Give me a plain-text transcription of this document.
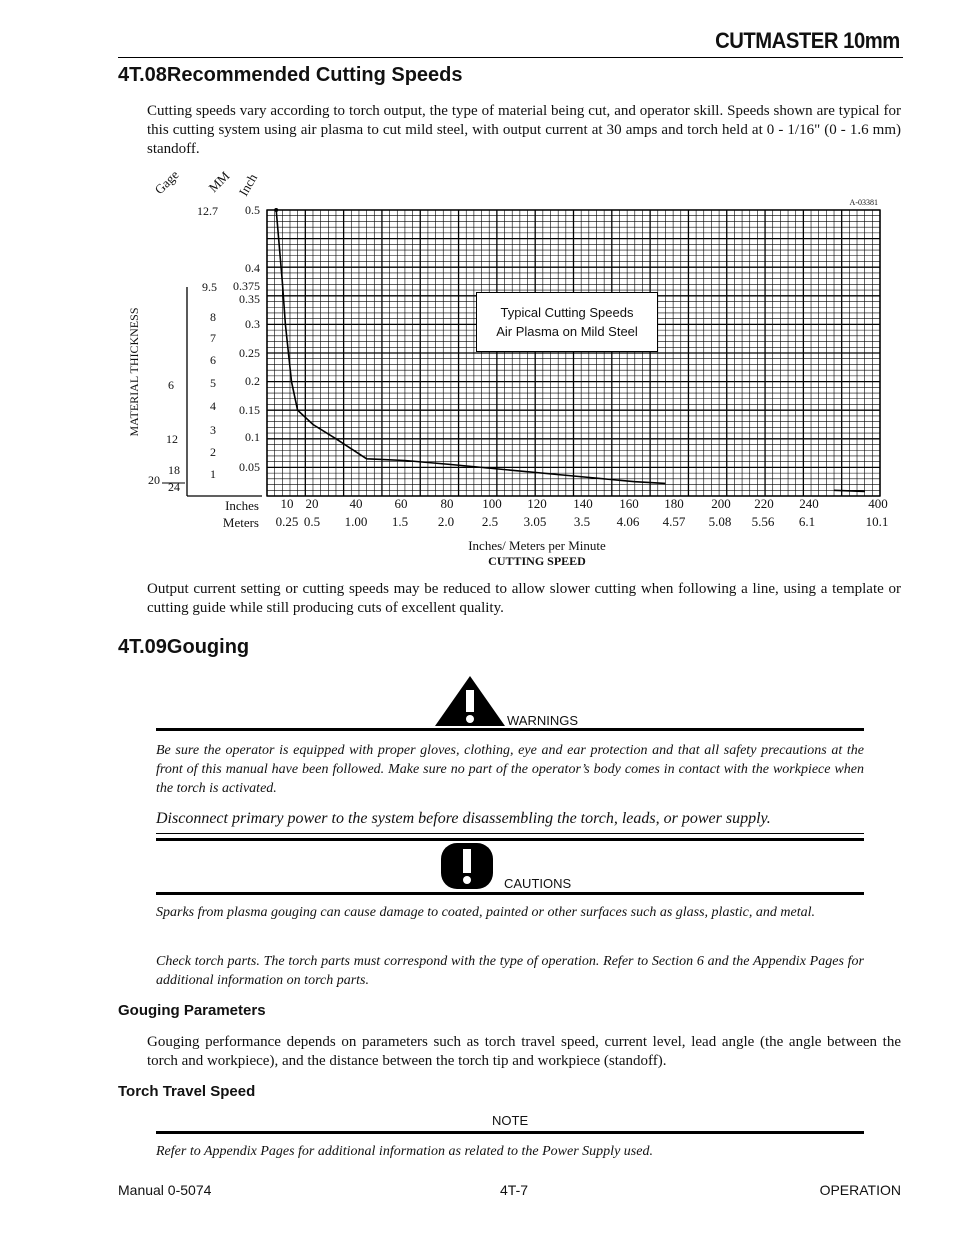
CUTMASTER 10mm
4T.08Recommended Cutting Speeds
Cutting speeds vary according to torch output, the type of material being cut, and operator skill. Speeds shown are typical for this cutting system using air plasma to cut mild steel, with output current at 30 amps and torch held at 0 - 1/16" (0 - 1.6 mm) standoff.
Gage MM Inch
MATERIAL THICKNESS
0.5
0.4
0.375
0.35
0.3
0.25
0.2
0.15
0.1
0.05
12.7
9.5
8
7
6
5
4
3
2
1
6
12
18
20 24
A-03381
10
0.25
20
0.5
40
1.00
60
1.5
80
2.0
100
2.5
120
3.05
140
3.5
160
4.06
180
4.57
200
5.08
220
5.56
240
6.1
400
10.1
Inches
Meters
Inches/ Meters per Minute
CUTTING SPEED
Typical Cutting Speeds
Air Plasma on Mild Steel
Output current setting or cutting speeds may be reduced to allow slower cutting when following a line, using a template or cutting guide while still producing cuts of excellent quality.
4T.09Gouging
WARNINGS
Be sure the operator is equipped with proper gloves, clothing, eye and ear protection and that all safety precautions at the front of this manual have been followed. Make sure no part of the operator’s body comes in contact with the workpiece when the torch is activated.
Disconnect primary power to the system before disassembling the torch, leads, or power supply.
CAUTIONS
Sparks from plasma gouging can cause damage to coated, painted or other surfaces such as glass, plastic, and metal.
Check torch parts. The torch parts must correspond with the type of operation. Refer to Section 6 and the Appendix Pages for additional information on torch parts.
Gouging Parameters
Gouging performance depends on parameters such as torch travel speed, current level, lead angle (the angle between the torch and workpiece), and the distance between the torch tip and workpiece (standoff).
Torch Travel Speed
NOTE
Refer to Appendix Pages for additional information as related to the Power Supply used.
Manual 0-5074	4T-7	OPERATION
